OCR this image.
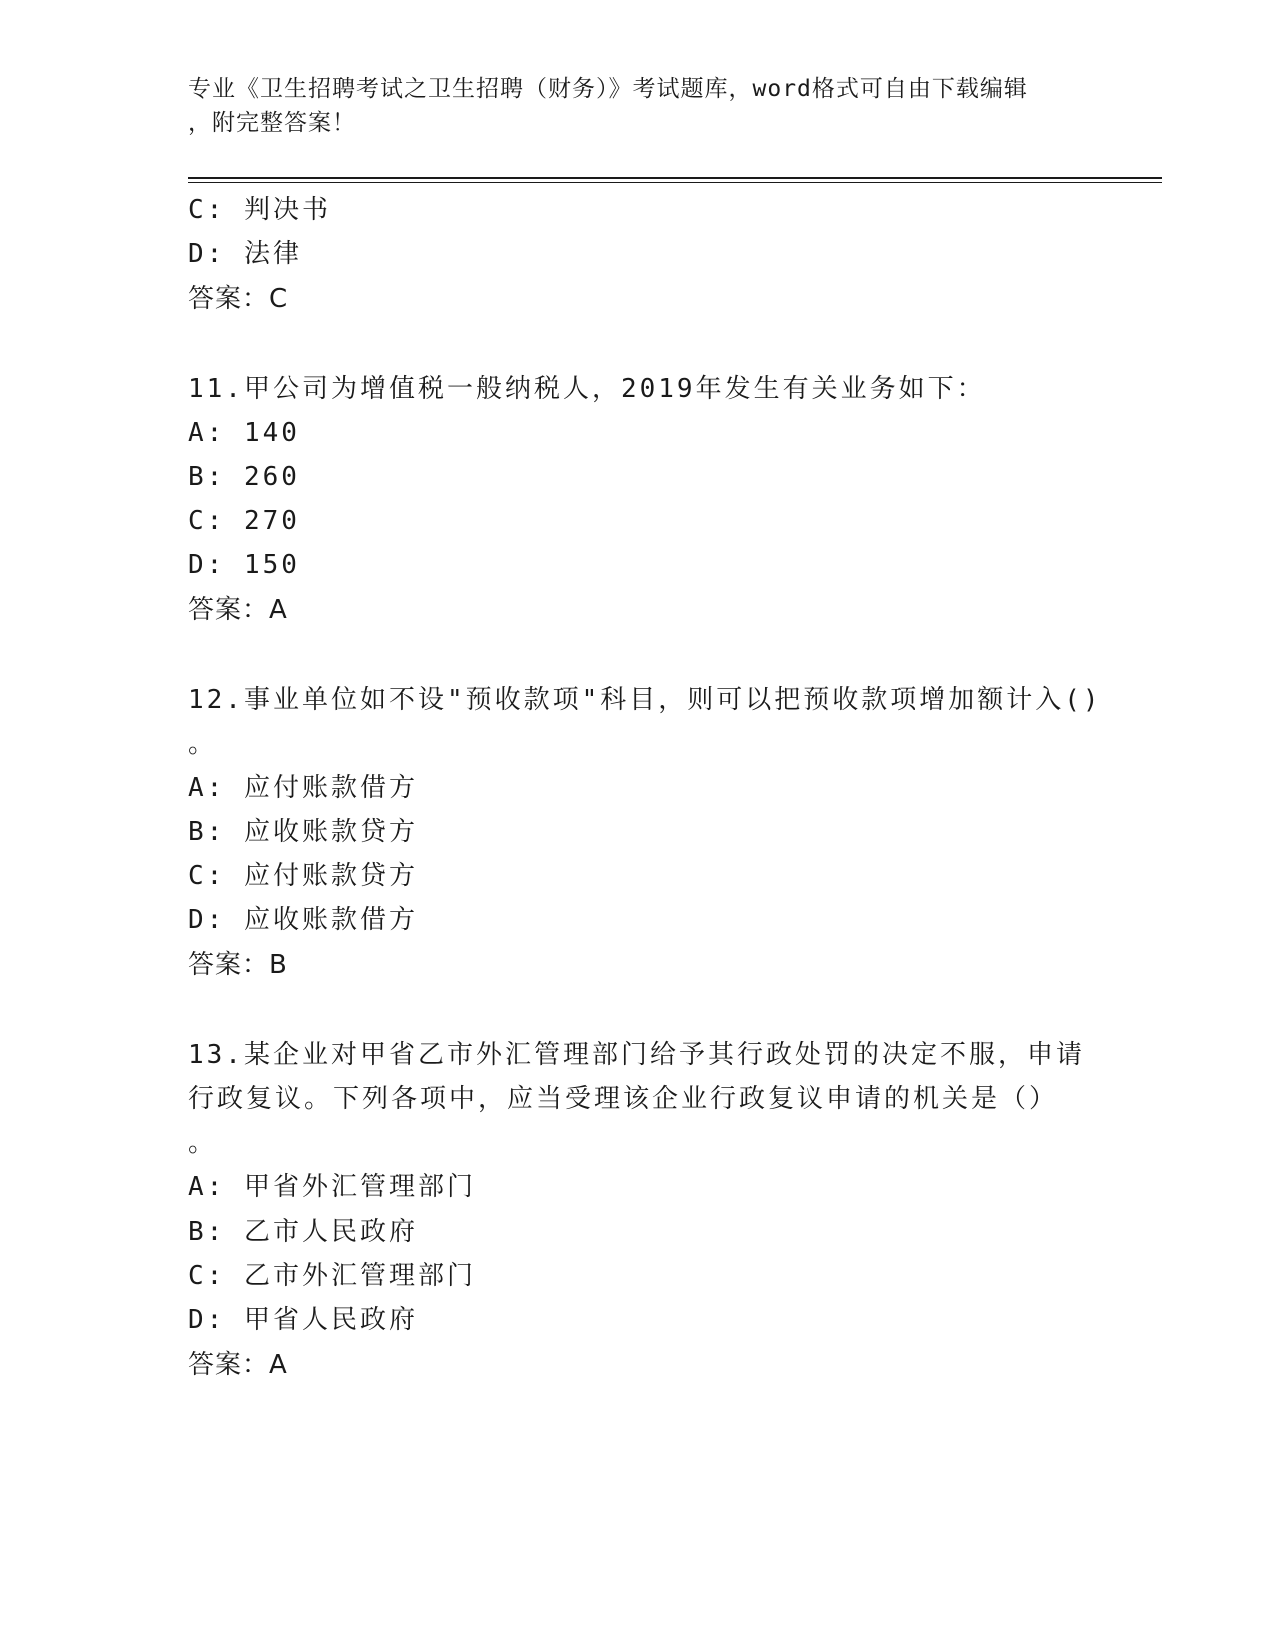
专业《卫生招聘考试之卫生招聘（财务）》考试题库，word格式可自由下载编辑
，附完整答案！
C: 判决书
D: 法律
答案：C
11.甲公司为增值税一般纳税人，2019年发生有关业务如下：
A: 140
B: 260
C: 270
D: 150
答案：A
12.事业单位如不设"预收款项"科目，则可以把预收款项增加额计入()
。
A: 应付账款借方
B: 应收账款贷方
C: 应付账款贷方
D: 应收账款借方
答案：B
13.某企业对甲省乙市外汇管理部门给予其行政处罚的决定不服，申请
行政复议。下列各项中，应当受理该企业行政复议申请的机关是（）
。
A: 甲省外汇管理部门
B: 乙市人民政府
C: 乙市外汇管理部门
D: 甲省人民政府
答案：A
